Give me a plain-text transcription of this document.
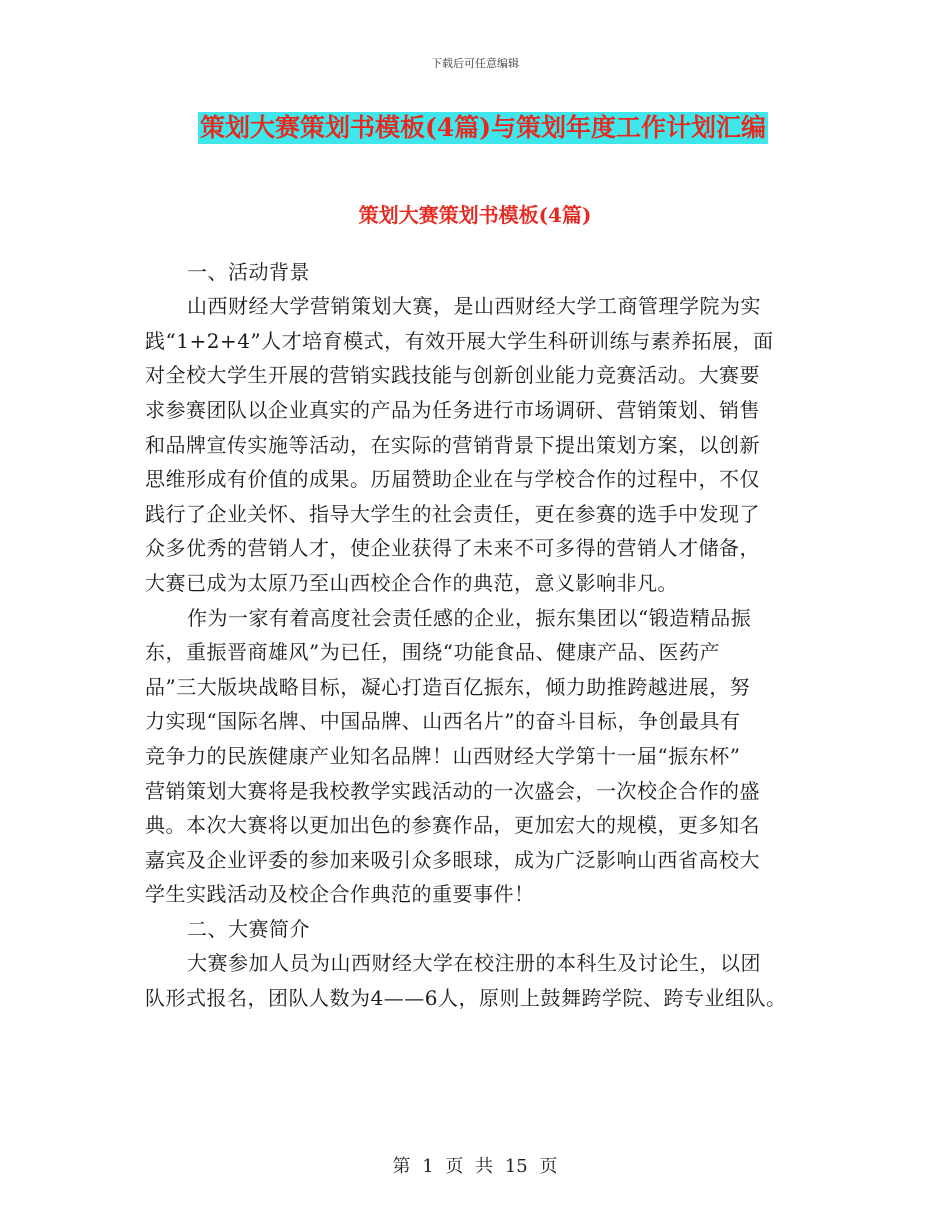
下载后可任意编辑
策划大赛策划书模板(4篇)与策划年度工作计划汇编
策划大赛策划书模板(4篇)
一、活动背景
山西财经大学营销策划大赛，是山西财经大学工商管理学院为实
践“1+2+4”人才培育模式，有效开展大学生科研训练与素养拓展，面
对全校大学生开展的营销实践技能与创新创业能力竞赛活动。大赛要
求参赛团队以企业真实的产品为任务进行市场调研、营销策划、销售
和品牌宣传实施等活动，在实际的营销背景下提出策划方案，以创新
思维形成有价值的成果。历届赞助企业在与学校合作的过程中，不仅
践行了企业关怀、指导大学生的社会责任，更在参赛的选手中发现了
众多优秀的营销人才，使企业获得了未来不可多得的营销人才储备，
大赛已成为太原乃至山西校企合作的典范，意义影响非凡。
作为一家有着高度社会责任感的企业，振东集团以“锻造精品振
东，重振晋商雄风”为已任，围绕“功能食品、健康产品、医药产
品”三大版块战略目标，凝心打造百亿振东，倾力助推跨越进展，努
力实现“国际名牌、中国品牌、山西名片”的奋斗目标，争创最具有
竞争力的民族健康产业知名品牌！山西财经大学第十一届“振东杯”
营销策划大赛将是我校教学实践活动的一次盛会，一次校企合作的盛
典。本次大赛将以更加出色的参赛作品，更加宏大的规模，更多知名
嘉宾及企业评委的参加来吸引众多眼球，成为广泛影响山西省高校大
学生实践活动及校企合作典范的重要事件！
二、大赛简介
大赛参加人员为山西财经大学在校注册的本科生及讨论生，以团
队形式报名，团队人数为4——6人，原则上鼓舞跨学院、跨专业组队。
第 1 页 共 15 页
